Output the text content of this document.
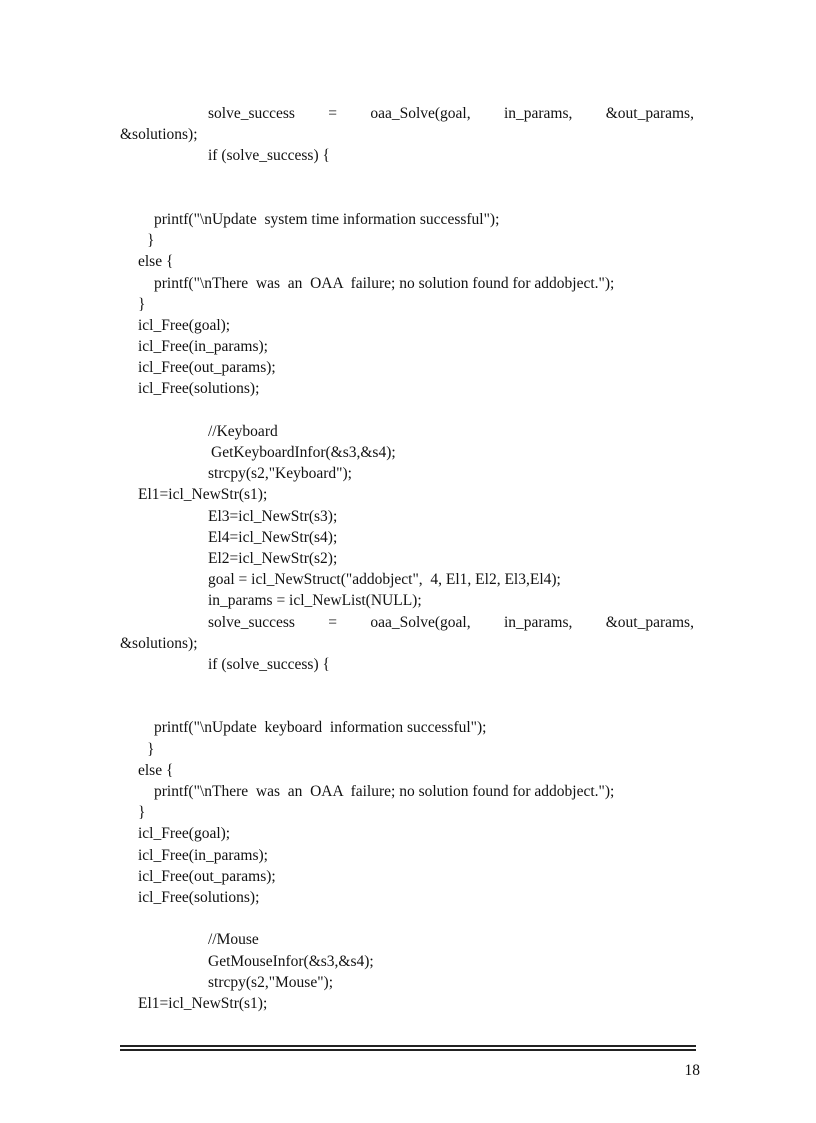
solve_success = oaa_Solve(goal, in_params, &out_params,
&solutions);
if (solve_success) {
printf("\nUpdate  system time information successful");
}
else {
printf("\nThere  was  an  OAA  failure; no solution found for addobject.");
}
icl_Free(goal);
icl_Free(in_params);
icl_Free(out_params);
icl_Free(solutions);
//Keyboard
GetKeyboardInfor(&s3,&s4);
strcpy(s2,"Keyboard");
El1=icl_NewStr(s1);
El3=icl_NewStr(s3);
El4=icl_NewStr(s4);
El2=icl_NewStr(s2);
goal = icl_NewStruct("addobject",  4, El1, El2, El3,El4);
in_params = icl_NewList(NULL);
solve_success = oaa_Solve(goal, in_params, &out_params,
&solutions);
if (solve_success) {
printf("\nUpdate  keyboard  information successful");
}
else {
printf("\nThere  was  an  OAA  failure; no solution found for addobject.");
}
icl_Free(goal);
icl_Free(in_params);
icl_Free(out_params);
icl_Free(solutions);
//Mouse
GetMouseInfor(&s3,&s4);
strcpy(s2,"Mouse");
El1=icl_NewStr(s1);
18
